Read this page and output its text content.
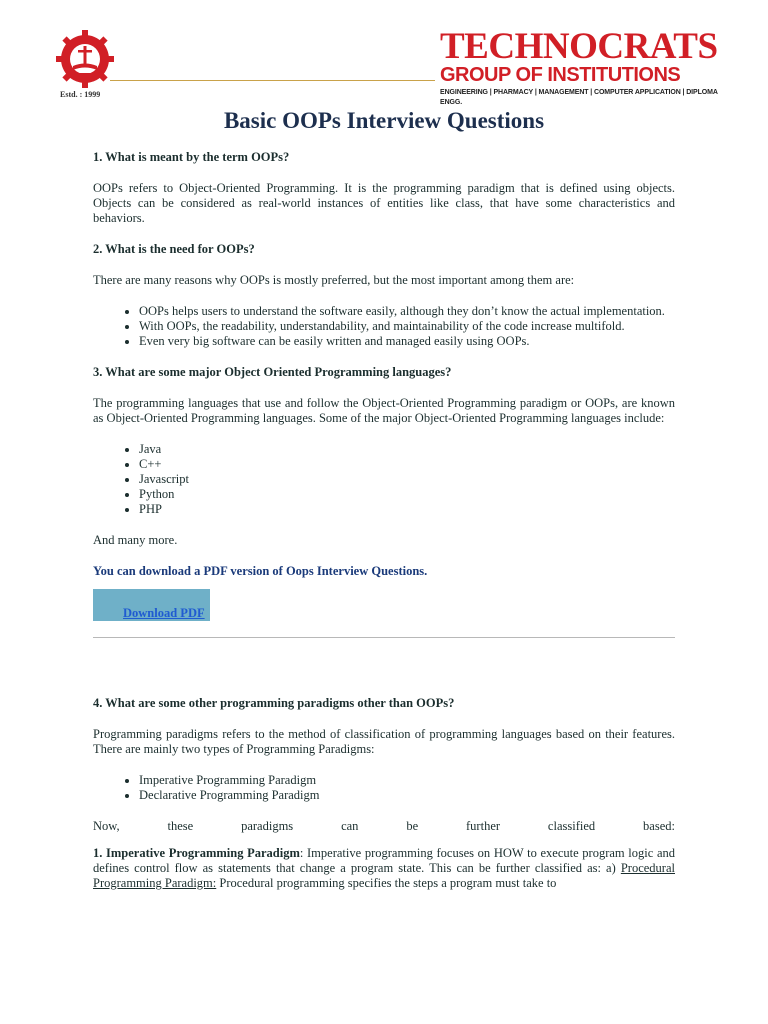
Estd. : 1999
TECHNOCRATS
GROUP OF INSTITUTIONS
ENGINEERING | PHARMACY | MANAGEMENT | COMPUTER APPLICATION | DIPLOMA ENGG.
Basic OOPs Interview Questions
1. What is meant by the term OOPs?

OOPs refers to Object-Oriented Programming. It is the programming paradigm that is defined using objects. Objects can be considered as real-world instances of entities like class, that have some characteristics and behaviors.

2. What is the need for OOPs?

There are many reasons why OOPs is mostly preferred, but the most important among them are:

• OOPs helps users to understand the software easily, although they don’t know the actual implementation.
• With OOPs, the readability, understandability, and maintainability of the code increase multifold.
• Even very big software can be easily written and managed easily using OOPs.
3. What are some major Object Oriented Programming languages?

The programming languages that use and follow the Object-Oriented Programming paradigm or OOPs, are known as Object-Oriented Programming languages. Some of the major Object-Oriented Programming languages include:

• Java
• C++
• Javascript
• Python
• PHP

And many more.

You can download a PDF version of Oops Interview Questions.
Download PDF
4. What are some other programming paradigms other than OOPs?

Programming paradigms refers to the method of classification of programming languages based on their features. There are mainly two types of Programming Paradigms:

• Imperative Programming Paradigm
• Declarative Programming Paradigm
Now,	these	paradigms	can	be	further	classified	based:

1. Imperative Programming Paradigm: Imperative programming focuses on HOW to execute program logic and defines control flow as statements that change a program state. This can be further classified as: a) Procedural Programming Paradigm: Procedural programming specifies the steps a program must take to
